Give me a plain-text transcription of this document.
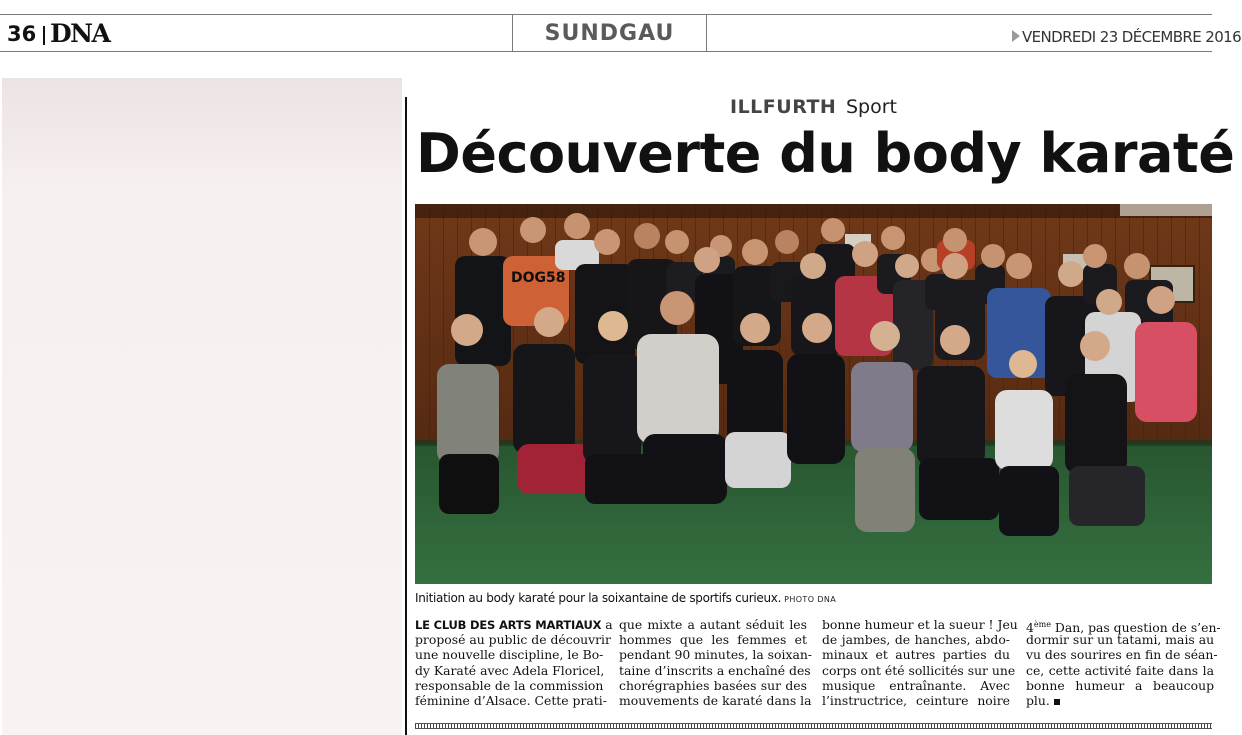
36 DNA	SUNDGAU	VENDREDI 23 DÉCEMBRE 2016
ILLFURTH Sport
Découverte du body karaté
DOG58
Initiation au body karaté pour la soixantaine de sportifs curieux. PHOTO DNA
LE CLUB DES ARTS MARTIAUX a
proposé au public de découvrir
une nouvelle discipline, le Bo-
dy Karaté avec Adela Floricel,
responsable de la commission
féminine d’Alsace. Cette prati-
que mixte a autant séduit les
hommes que les femmes et
pendant 90 minutes, la soixan-
taine d’inscrits a enchaîné des
chorégraphies basées sur des
mouvements de karaté dans la
bonne humeur et la sueur ! Jeu
de jambes, de hanches, abdo-
minaux et autres parties du
corps ont été sollicités sur une
musique entraînante. Avec
l’instructrice, ceinture noire
4ème Dan, pas question de s’en-
dormir sur un tatami, mais au
vu des sourires en fin de séan-
ce, cette activité faite dans la
bonne humeur a beaucoup
plu.
